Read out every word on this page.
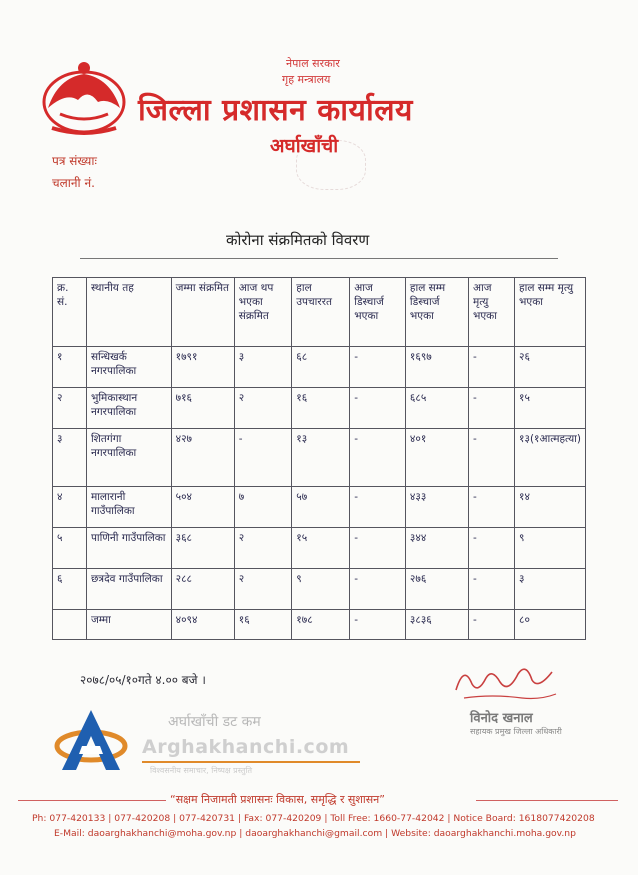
नेपाल सरकार
गृह मन्त्रालय
जिल्ला प्रशासन कार्यालय
अर्घाखाँची
पत्र संख्याः
चलानी नं.
कोरोना संक्रमितको विवरण
क्र. सं.	स्थानीय तह	जम्मा संक्रमित	आज थप भएका संक्रमित	हाल उपचाररत	आज डिस्चार्ज भएका	हाल सम्म डिस्चार्ज भएका	आज मृत्यु भएका	हाल सम्म मृत्यु भएका
१	सन्धिखर्क नगरपालिका	१७९१	३	६८	-	१६९७	-	२६
२	भुमिकास्थान नगरपालिका	७१६	२	१६	-	६८५	-	१५
३	शितगंगा नगरपालिका	४२७	-	१३	-	४०१	-	१३(१आत्महत्या)
४	मालारानी गाउँपालिका	५०४	७	५७	-	४३३	-	१४
५	पाणिनी गाउँपालिका	३६८	२	१५	-	३४४	-	९
६	छत्रदेव गाउँपालिका	२८८	२	९	-	२७६	-	३
	जम्मा	४०९४	१६	१७८	-	३८३६	-	८०
२०७८/०५/१०गते ४.०० बजे ।
विनोद खनाल
सहायक प्रमुख जिल्ला अधिकारी
अर्घाखाँची डट कम
Arghakhanchi.com
विश्वसनीय समाचार, निष्पक्ष प्रस्तुति
“सक्षम निजामती प्रशासनः विकास, समृद्धि र सुशासन”
Ph: 077-420133 | 077-420208 | 077-420731 | Fax: 077-420209 | Toll Free: 1660-77-42042 | Notice Board: 1618077420208
E-Mail: daoarghakhanchi@moha.gov.np | daoarghakhanchi@gmail.com | Website: daoarghakhanchi.moha.gov.np
